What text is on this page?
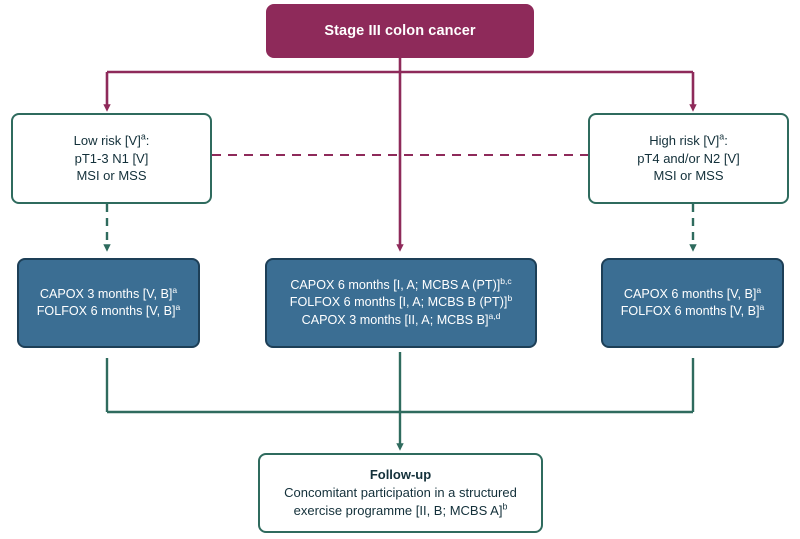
Stage III colon cancer
Low risk $[V]^a$:
pT1-3 N1 [V]
MSI or MSS
High risk $[V]^a$:
pT4 and/or N2 [V]
MSI or MSS
CAPOX 3 months [V, B]$^a$
FOLFOX 6 months [V, B]$^a$
CAPOX 6 months [I, A; MCBS A (PT)]$^{b,c}$
FOLFOX 6 months [I, A; MCBS B (PT)]$^b$
CAPOX 3 months [II, A; MCBS B]$^{a,d}$
CAPOX 6 months [V, B]$^a$
FOLFOX 6 months [V, B]$^a$
Follow-up
Concomitant participation in a structured
exercise programme [II, B; MCBS A]$^b$
